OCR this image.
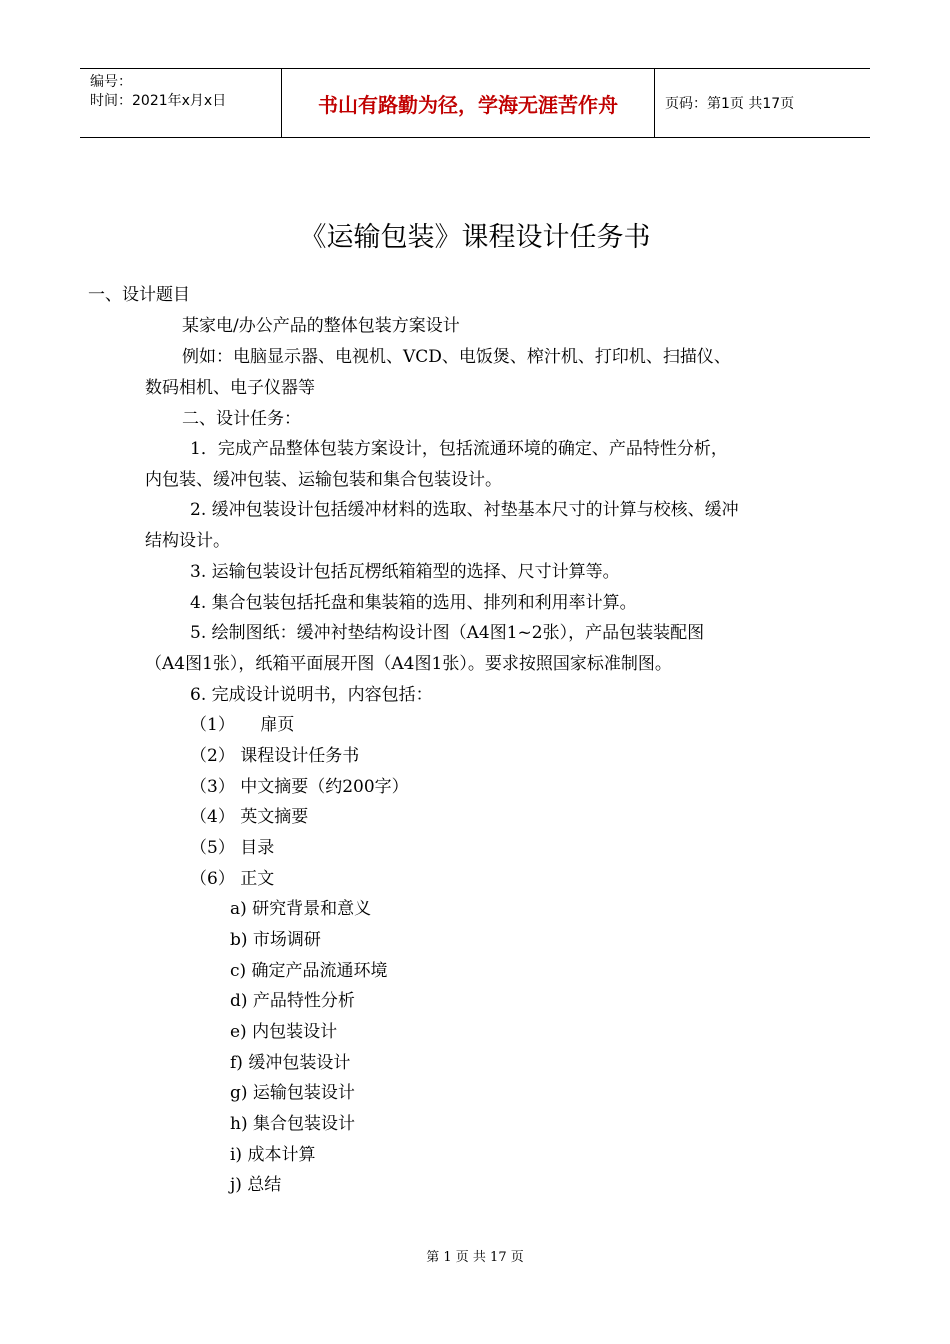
编号：
时间：2021年x月x日	书山有路勤为径，学海无涯苦作舟	页码：第1页 共17页
《运输包装》课程设计任务书
一、设计题目
某家电/办公产品的整体包装方案设计
例如：电脑显示器、电视机、VCD、电饭煲、榨汁机、打印机、扫描仪、
数码相机、电子仪器等
二、设计任务：
1．完成产品整体包装方案设计，包括流通环境的确定、产品特性分析，
内包装、缓冲包装、运输包装和集合包装设计。
2. 缓冲包装设计包括缓冲材料的选取、衬垫基本尺寸的计算与校核、缓冲
结构设计。
3. 运输包装设计包括瓦楞纸箱箱型的选择、尺寸计算等。
4. 集合包装包括托盘和集装箱的选用、排列和利用率计算。
5. 绘制图纸：缓冲衬垫结构设计图（A4图1~2张），产品包装装配图
（A4图1张），纸箱平面展开图（A4图1张）。要求按照国家标准制图。
6. 完成设计说明书，内容包括：
（1）　　扉页
（2） 课程设计任务书
（3） 中文摘要（约200字）
（4） 英文摘要
（5） 目录
（6） 正文
a) 研究背景和意义
b) 市场调研
c) 确定产品流通环境
d) 产品特性分析
e) 内包装设计
f) 缓冲包装设计
g) 运输包装设计
h) 集合包装设计
i) 成本计算
j) 总结
第 1 页 共 17 页
